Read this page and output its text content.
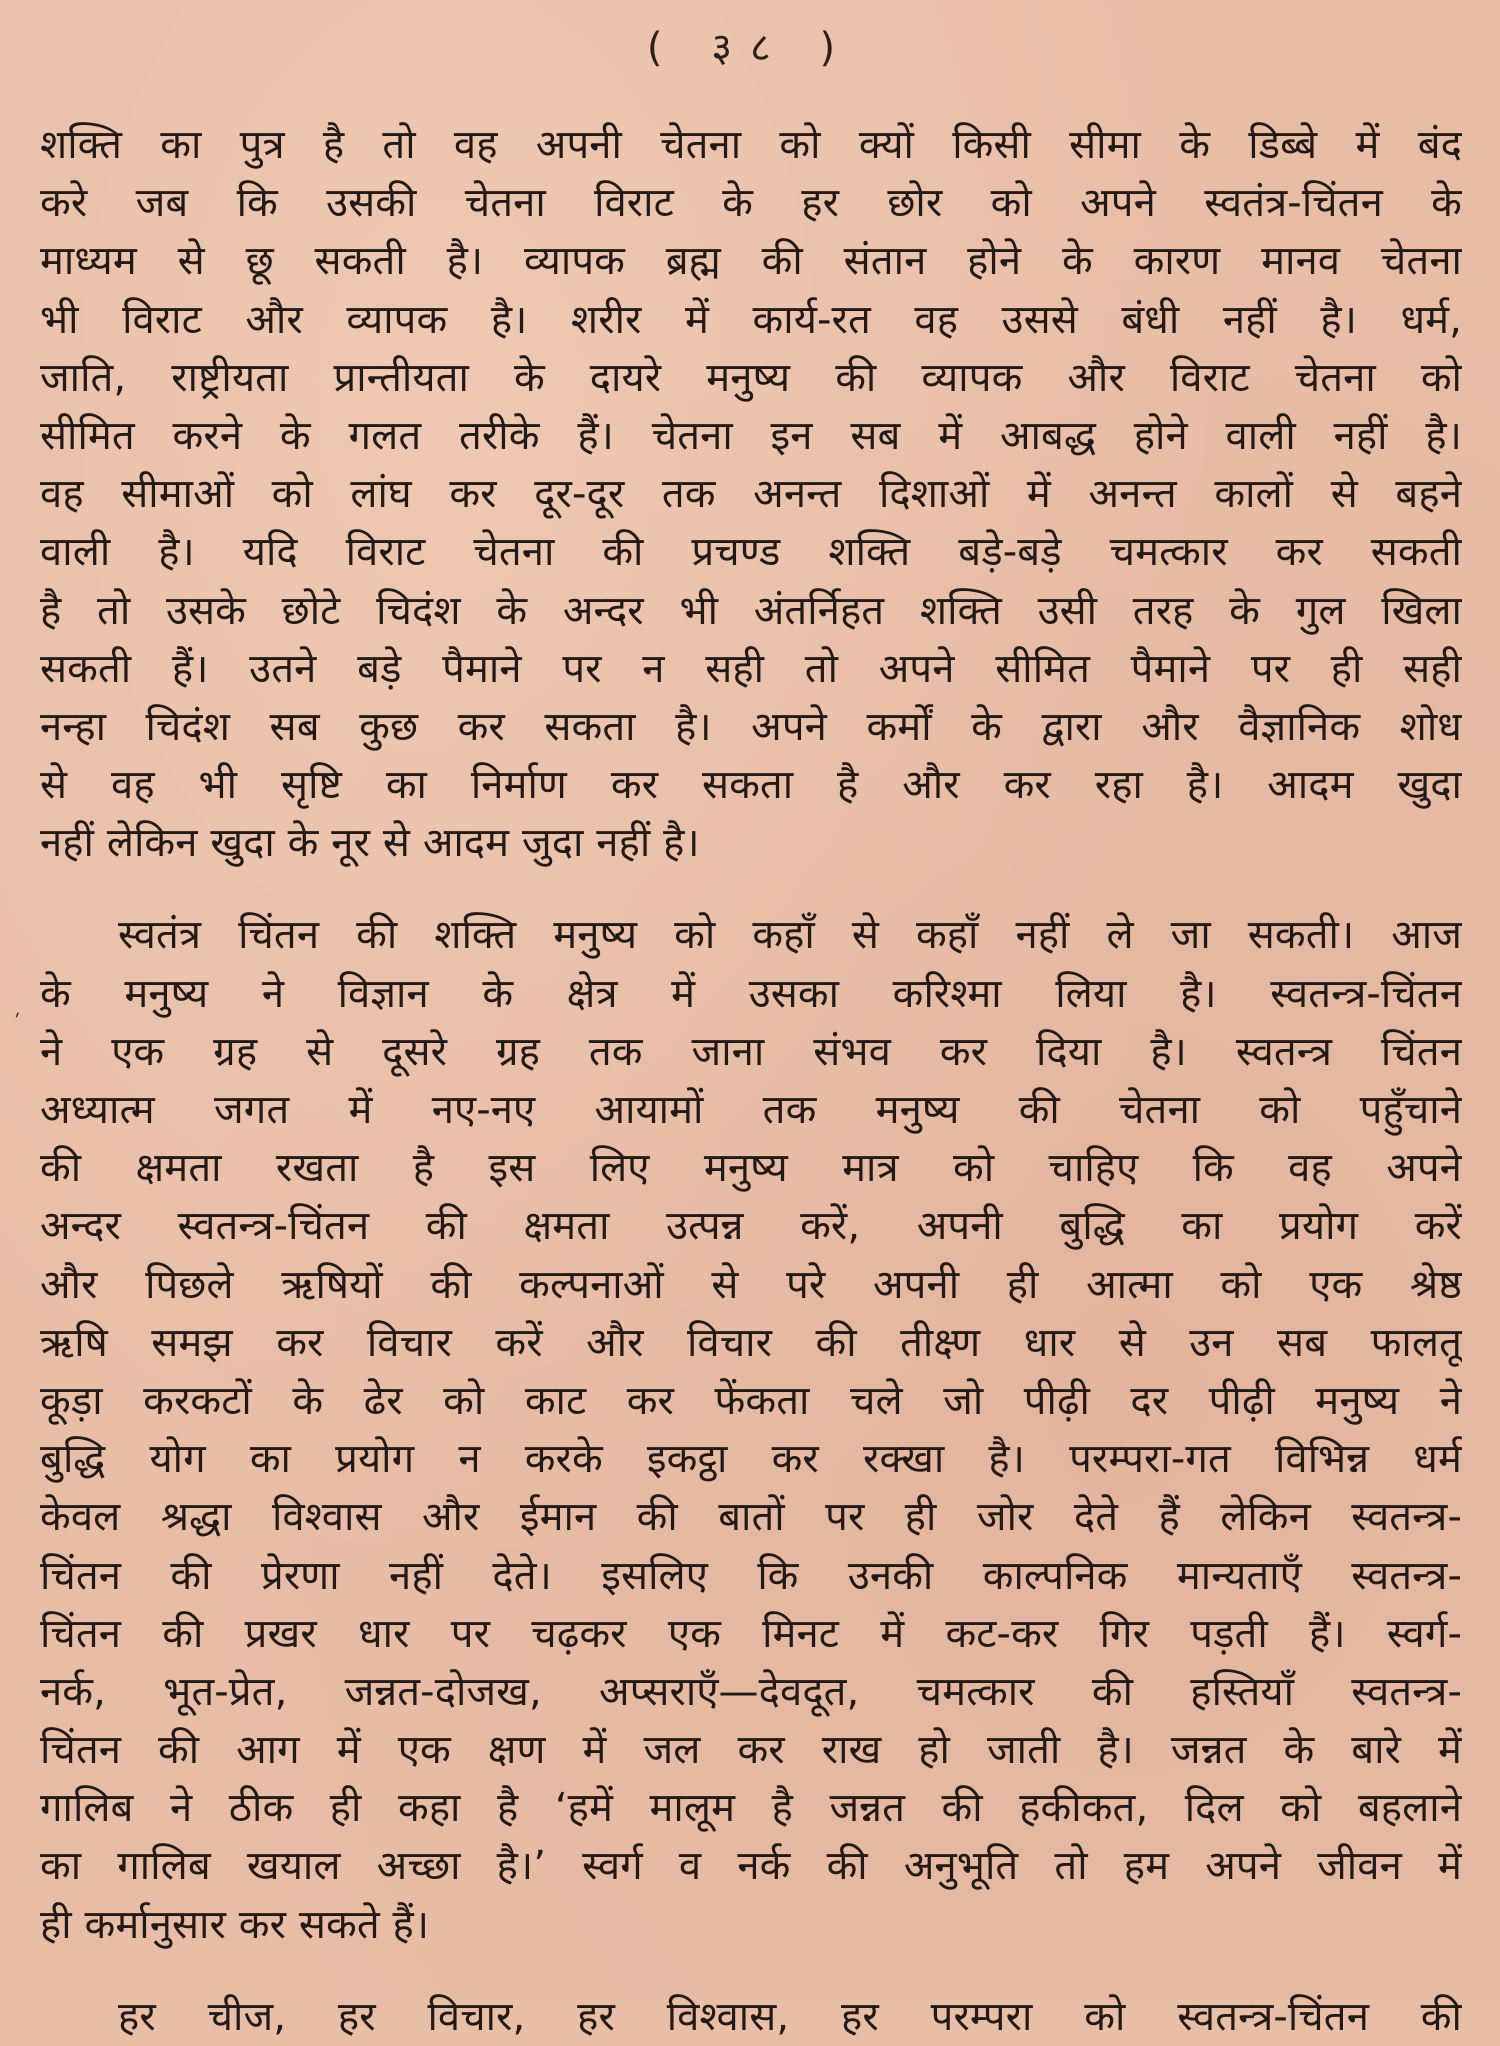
( ३८ )
शक्ति का पुत्र है तो वह अपनी चेतना को क्यों किसी सीमा के डिब्बे में बंद
करे जब कि उसकी चेतना विराट के हर छोर को अपने स्वतंत्र-चिंतन के
माध्यम से छू सकती है। व्यापक ब्रह्म की संतान होने के कारण मानव चेतना
भी विराट और व्यापक है। शरीर में कार्य-रत वह उससे बंधी नहीं है। धर्म,
जाति, राष्ट्रीयता प्रान्तीयता के दायरे मनुष्य की व्यापक और विराट चेतना को
सीमित करने के गलत तरीके हैं। चेतना इन सब में आबद्ध होने वाली नहीं है।
वह सीमाओं को लांघ कर दूर-दूर तक अनन्त दिशाओं में अनन्त कालों से बहने
वाली है। यदि विराट चेतना की प्रचण्ड शक्ति बड़े-बड़े चमत्कार कर सकती
है तो उसके छोटे चिदंश के अन्दर भी अंतर्निहत शक्ति उसी तरह के गुल खिला
सकती हैं। उतने बड़े पैमाने पर न सही तो अपने सीमित पैमाने पर ही सही
नन्हा चिदंश सब कुछ कर सकता है। अपने कर्मों के द्वारा और वैज्ञानिक शोध
से वह भी सृष्टि का निर्माण कर सकता है और कर रहा है। आदम खुदा
नहीं लेकिन खुदा के नूर से आदम जुदा नहीं है।
स्वतंत्र चिंतन की शक्ति मनुष्य को कहाँ से कहाँ नहीं ले जा सकती। आज
के मनुष्य ने विज्ञान के क्षेत्र में उसका करिश्मा लिया है। स्वतन्त्र-चिंतन
ने एक ग्रह से दूसरे ग्रह तक जाना संभव कर दिया है। स्वतन्त्र चिंतन
अध्यात्म जगत में नए-नए आयामों तक मनुष्य की चेतना को पहुँचाने
की क्षमता रखता है इस लिए मनुष्य मात्र को चाहिए कि वह अपने
अन्दर स्वतन्त्र-चिंतन की क्षमता उत्पन्न करें, अपनी बुद्धि का प्रयोग करें
और पिछले ऋषियों की कल्पनाओं से परे अपनी ही आत्मा को एक श्रेष्ठ
ऋषि समझ कर विचार करें और विचार की तीक्ष्ण धार से उन सब फालतू
कूड़ा करकटों के ढेर को काट कर फेंकता चले जो पीढ़ी दर पीढ़ी मनुष्य ने
बुद्धि योग का प्रयोग न करके इकट्ठा कर रक्खा है। परम्परा-गत विभिन्न धर्म
केवल श्रद्धा विश्वास और ईमान की बातों पर ही जोर देते हैं लेकिन स्वतन्त्र-
चिंतन की प्रेरणा नहीं देते। इसलिए कि उनकी काल्पनिक मान्यताएँ स्वतन्त्र-
चिंतन की प्रखर धार पर चढ़कर एक मिनट में कट-कर गिर पड़ती हैं। स्वर्ग-
नर्क, भूत-प्रेत, जन्नत-दोजख, अप्सराएँ—देवदूत, चमत्कार की हस्तियाँ स्वतन्त्र-
चिंतन की आग में एक क्षण में जल कर राख हो जाती है। जन्नत के बारे में
गालिब ने ठीक ही कहा है ‘हमें मालूम है जन्नत की हकीकत, दिल को बहलाने
का गालिब खयाल अच्छा है।’ स्वर्ग व नर्क की अनुभूति तो हम अपने जीवन में
ही कर्मानुसार कर सकते हैं।
हर चीज, हर विचार, हर विश्वास, हर परम्परा को स्वतन्त्र-चिंतन की
ˏ
